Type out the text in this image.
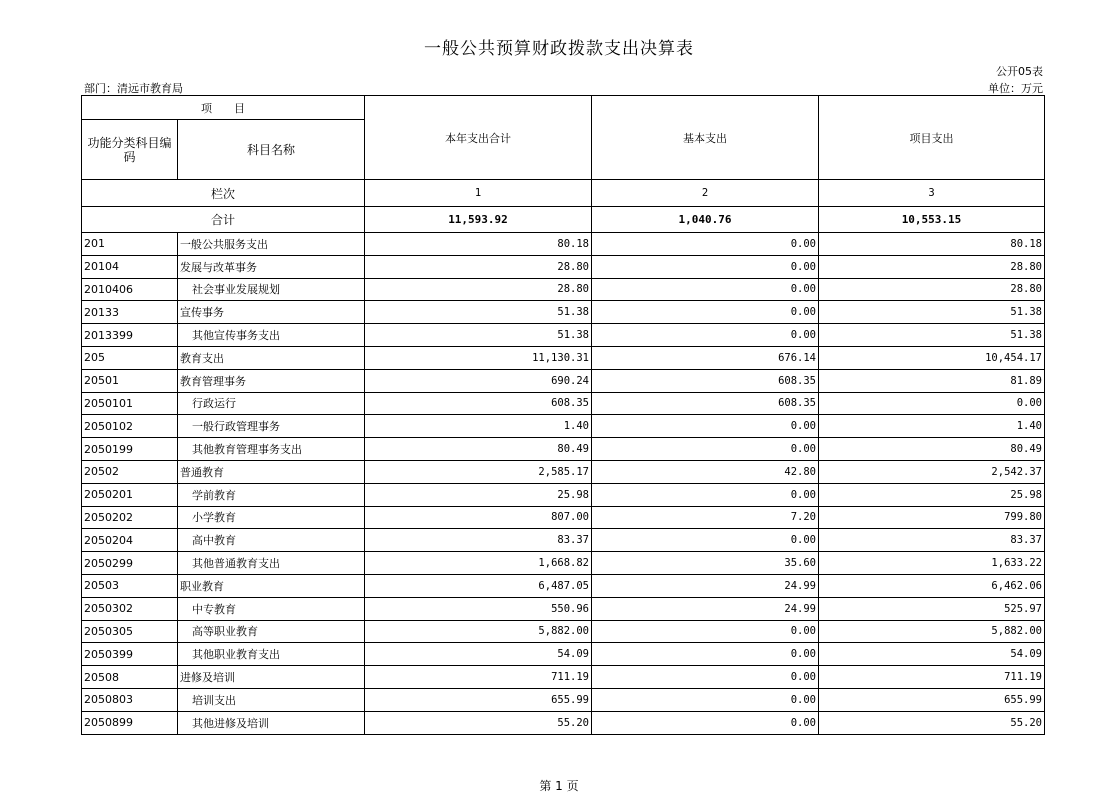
一般公共预算财政拨款支出决算表
公开05表
部门：清远市教育局	单位：万元
项　　目		本年支出合计	基本支出	项目支出
功能分类科目编码	科目名称			
栏次		1	2	3
合计		11,593.92	1,040.76	10,553.15
201	一般公共服务支出	80.18	0.00	80.18
20104	发展与改革事务	28.80	0.00	28.80
2010406	社会事业发展规划	28.80	0.00	28.80
20133	宣传事务	51.38	0.00	51.38
2013399	其他宣传事务支出	51.38	0.00	51.38
205	教育支出	11,130.31	676.14	10,454.17
20501	教育管理事务	690.24	608.35	81.89
2050101	行政运行	608.35	608.35	0.00
2050102	一般行政管理事务	1.40	0.00	1.40
2050199	其他教育管理事务支出	80.49	0.00	80.49
20502	普通教育	2,585.17	42.80	2,542.37
2050201	学前教育	25.98	0.00	25.98
2050202	小学教育	807.00	7.20	799.80
2050204	高中教育	83.37	0.00	83.37
2050299	其他普通教育支出	1,668.82	35.60	1,633.22
20503	职业教育	6,487.05	24.99	6,462.06
2050302	中专教育	550.96	24.99	525.97
2050305	高等职业教育	5,882.00	0.00	5,882.00
2050399	其他职业教育支出	54.09	0.00	54.09
20508	进修及培训	711.19	0.00	711.19
2050803	培训支出	655.99	0.00	655.99
2050899	其他进修及培训	55.20	0.00	55.20
第 1 页
